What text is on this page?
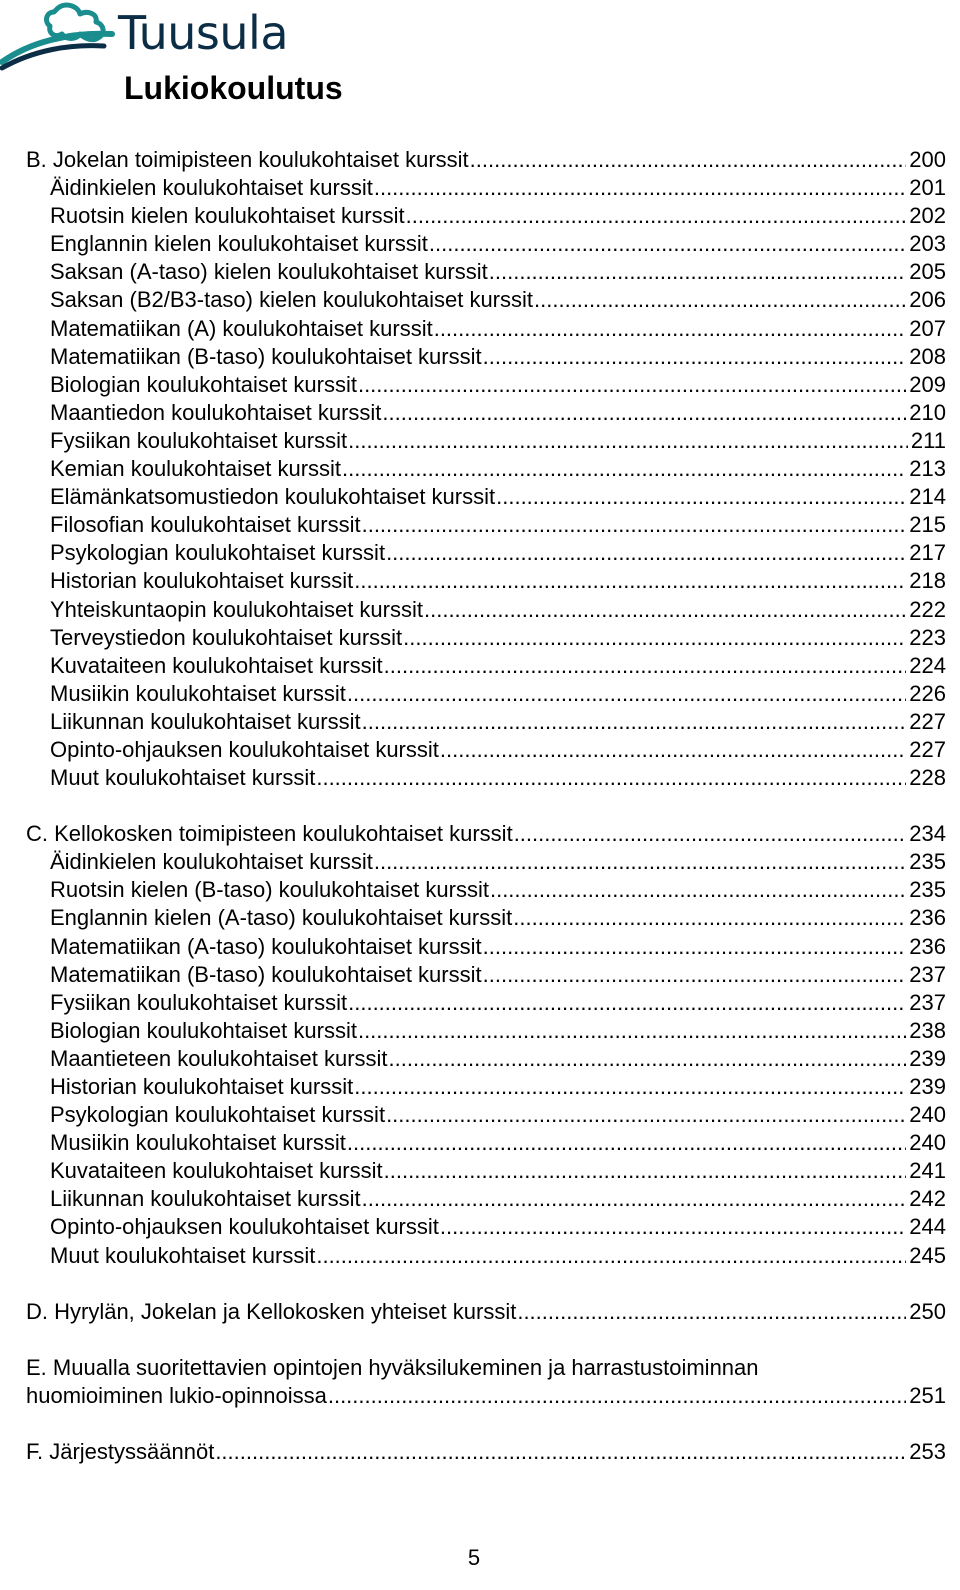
Tuusula
Lukiokoulutus
B. Jokelan toimipisteen koulukohtaiset kurssit .....	200
Äidinkielen koulukohtaiset kurssit .....	201
Ruotsin kielen koulukohtaiset kurssit .....	202
Englannin kielen koulukohtaiset kurssit .....	203
Saksan (A-taso) kielen koulukohtaiset kurssit .....	205
Saksan (B2/B3-taso) kielen koulukohtaiset kurssit .....	206
Matematiikan (A) koulukohtaiset kurssit .....	207
Matematiikan (B-taso) koulukohtaiset kurssit .....	208
Biologian koulukohtaiset kurssit .....	209
Maantiedon koulukohtaiset kurssit .....	210
Fysiikan koulukohtaiset kurssit .....	211
Kemian koulukohtaiset kurssit .....	213
Elämänkatsomustiedon koulukohtaiset kurssit .....	214
Filosofian koulukohtaiset kurssit .....	215
Psykologian koulukohtaiset kurssit .....	217
Historian koulukohtaiset kurssit .....	218
Yhteiskuntaopin koulukohtaiset kurssit .....	222
Terveystiedon koulukohtaiset kurssit .....	223
Kuvataiteen koulukohtaiset kurssit .....	224
Musiikin koulukohtaiset kurssit .....	226
Liikunnan koulukohtaiset kurssit .....	227
Opinto-ohjauksen koulukohtaiset kurssit .....	227
Muut koulukohtaiset kurssit .....	228
C. Kellokosken toimipisteen koulukohtaiset kurssit .....	234
Äidinkielen koulukohtaiset kurssit .....	235
Ruotsin kielen (B-taso) koulukohtaiset kurssit .....	235
Englannin kielen (A-taso) koulukohtaiset kurssit .....	236
Matematiikan (A-taso) koulukohtaiset kurssit .....	236
Matematiikan (B-taso) koulukohtaiset kurssit .....	237
Fysiikan koulukohtaiset kurssit .....	237
Biologian koulukohtaiset kurssit .....	238
Maantieteen koulukohtaiset kurssit .....	239
Historian koulukohtaiset kurssit .....	239
Psykologian koulukohtaiset kurssit .....	240
Musiikin koulukohtaiset kurssit .....	240
Kuvataiteen koulukohtaiset kurssit .....	241
Liikunnan koulukohtaiset kurssit .....	242
Opinto-ohjauksen koulukohtaiset kurssit .....	244
Muut koulukohtaiset kurssit .....	245
D. Hyrylän, Jokelan ja Kellokosken yhteiset kurssit .....	250
E. Muualla suoritettavien opintojen hyväksilukeminen ja harrastustoiminnan
huomioiminen lukio-opinnoissa .....	251
F. Järjestyssäännöt .....	253
5
